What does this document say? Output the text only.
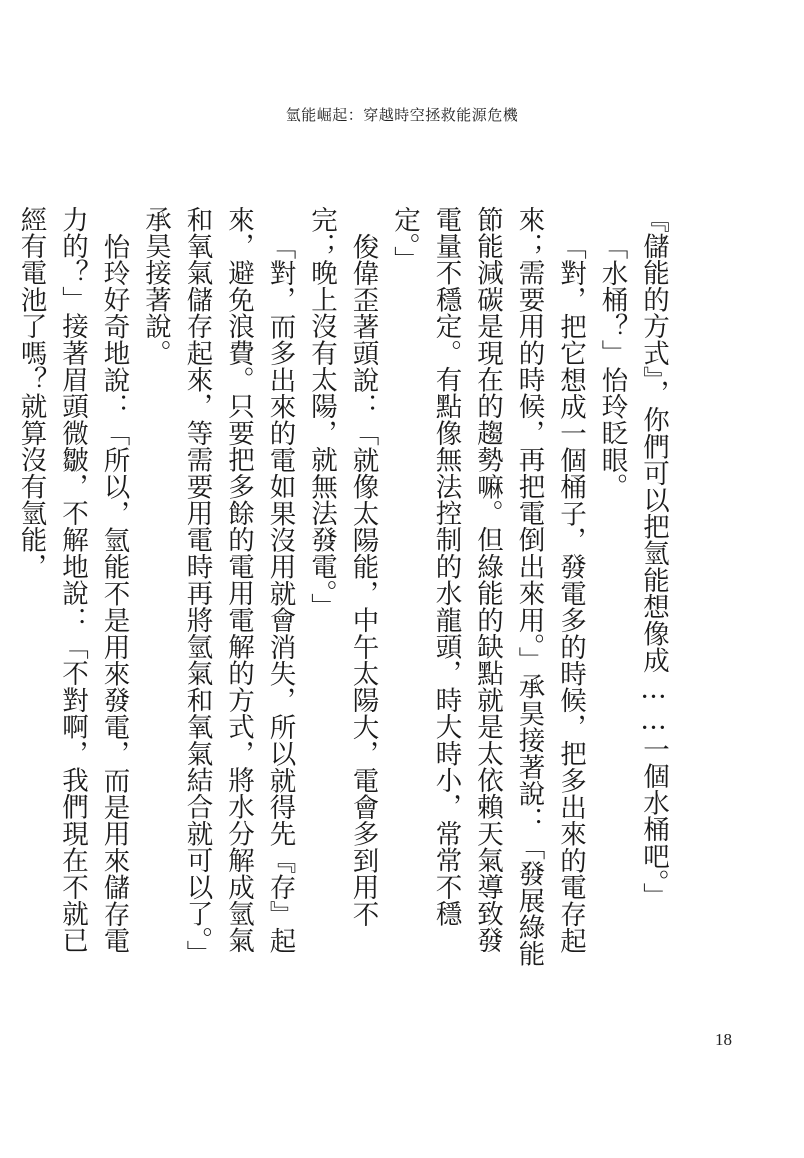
氫能崛起：穿越時空拯救能源危機

『儲能的方式』，你們可以把氫能想像成……一個水桶吧。」

「水桶？」怡玲眨眼。

「對，把它想成一個桶子，發電多的時候，把多出來的電存起來；需要用的時候，再把電倒出來用。」承昊接著說：「發展綠能節能減碳是現在的趨勢嘛。但綠能的缺點就是太依賴天氣導致發電量不穩定。有點像無法控制的水龍頭，時大時小，常常不穩定。」

俊偉歪著頭說：「就像太陽能，中午太陽大，電會多到用不完；晚上沒有太陽，就無法發電。」

「對，而多出來的電如果沒用就會消失，所以就得先『存』起來，避免浪費。只要把多餘的電用電解的方式，將水分解成氫氣和氧氣儲存起來，等需要用電時再將氫氣和氧氣結合就可以了。」承昊接著說。

怡玲好奇地說：「所以，氫能不是用來發電，而是用來儲存電力的？」接著眉頭微皺，不解地說：「不對啊，我們現在不就已經有電池了嗎？就算沒有氫能，

18
